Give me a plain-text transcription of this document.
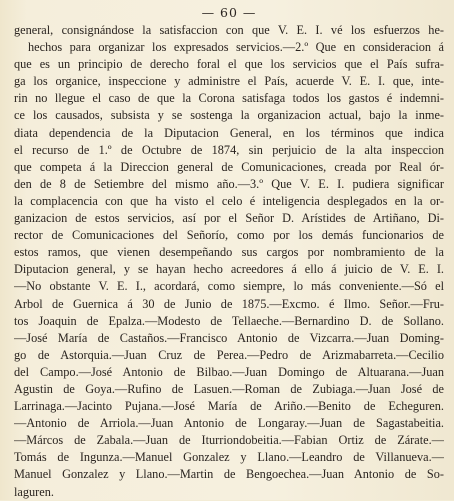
— 60 —
general, consignándose la satisfaccion con que V. E. I. vé los esfuerzos he-
hechos para organizar los expresados servicios.—2.º Que en consideracion á
que es un principio de derecho foral el que los servicios que el País sufra-
ga los organice, inspeccione y administre el País, acuerde V. E. I. que, inte-
rin no llegue el caso de que la Corona satisfaga todos los gastos é indemni-
ce los causados, subsista y se sostenga la organizacion actual, bajo la inme-
diata dependencia de la Diputacion General, en los términos que indica
el recurso de 1.º de Octubre de 1874, sin perjuicio de la alta inspeccion
que competa á la Direccion general de Comunicaciones, creada por Real ór-
den de 8 de Setiembre del mismo año.—3.º Que V. E. I. pudiera significar
la complacencia con que ha visto el celo é inteligencia desplegados en la or-
ganizacion de estos servicios, así por el Señor D. Arístides de Artiñano, Di-
rector de Comunicaciones del Señorío, como por los demás funcionarios de
estos ramos, que vienen desempeñando sus cargos por nombramiento de la
Diputacion general, y se hayan hecho acreedores á ello á juicio de V. E. I.
—No obstante V. E. I., acordará, como siempre, lo más conveniente.—Só el
Arbol de Guernica á 30 de Junio de 1875.—Excmo. é Ilmo. Señor.—Fru-
tos Joaquin de Epalza.—Modesto de Tellaeche.—Bernardino D. de Sollano.
—José María de Castaños.—Francisco Antonio de Vizcarra.—Juan Doming-
go de Astorquia.—Juan Cruz de Perea.—Pedro de Arizmabarreta.—Cecilio
del Campo.—José Antonio de Bilbao.—Juan Domingo de Altuarana.—Juan
Agustin de Goya.—Rufino de Lasuen.—Roman de Zubiaga.—Juan José de
Larrinaga.—Jacinto Pujana.—José María de Ariño.—Benito de Echeguren.
—Antonio de Arriola.—Juan Antonio de Longaray.—Juan de Sagastabeitia.
—Márcos de Zabala.—Juan de Iturriondobeitia.—Fabian Ortiz de Zárate.—
Tomás de Ingunza.—Manuel Gonzalez y Llano.—Leandro de Villanueva.—
Manuel Gonzalez y Llano.—Martin de Bengoechea.—Juan Antonio de So-
laguren.
